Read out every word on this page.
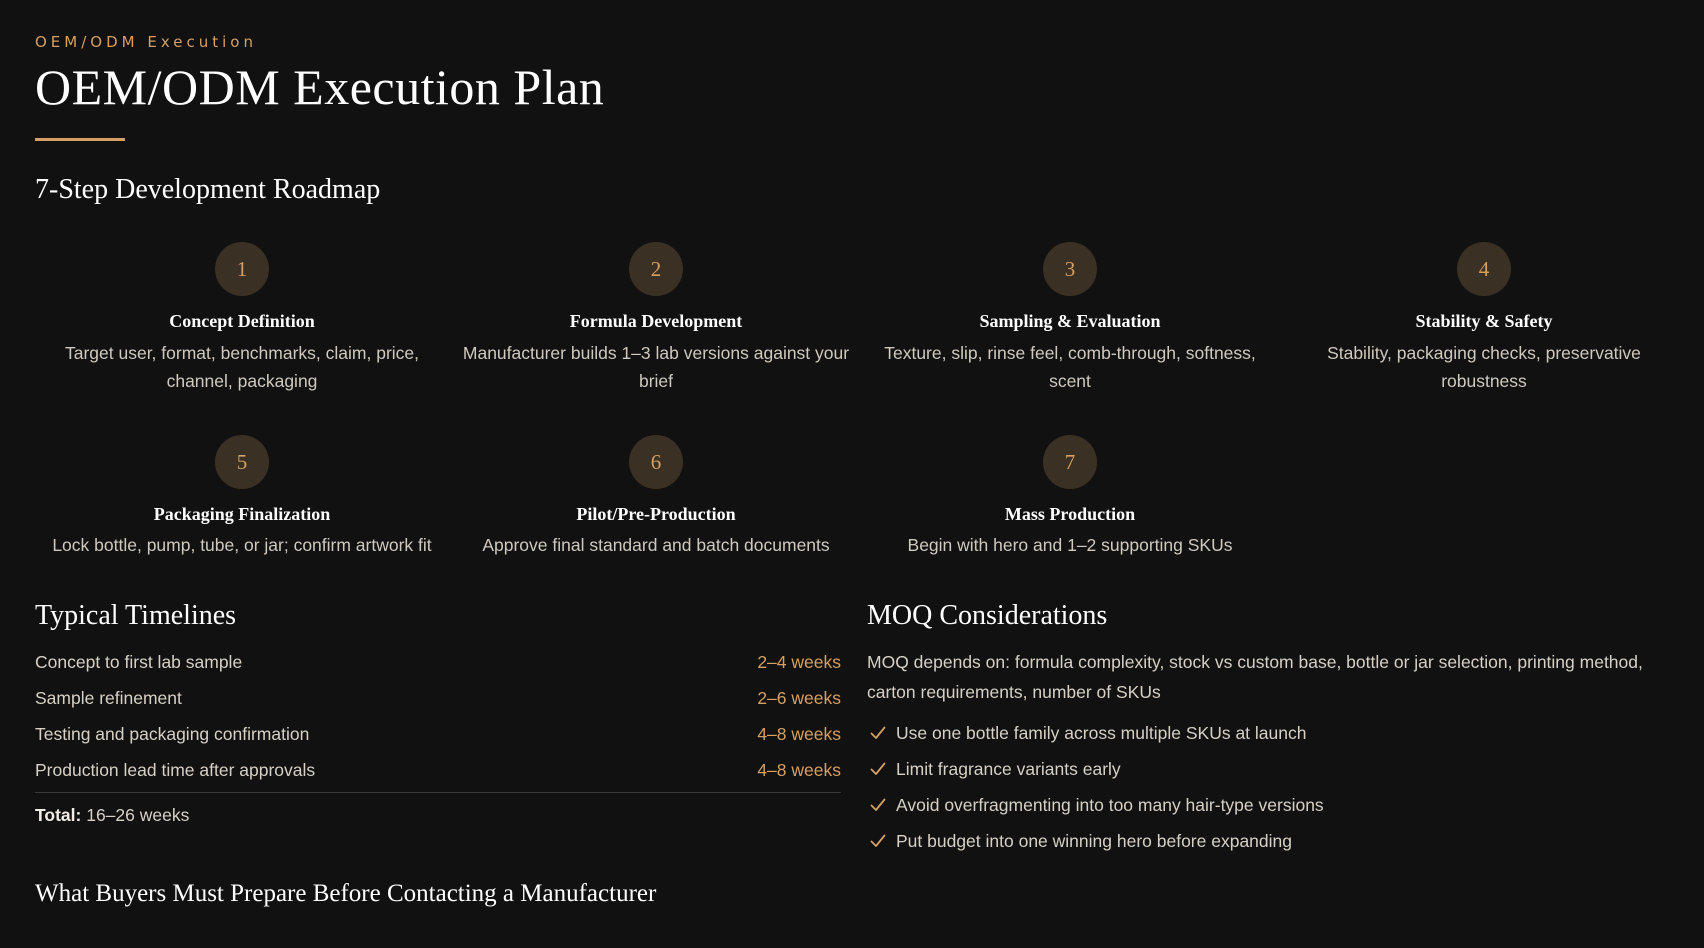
OEM/ODM Execution
OEM/ODM Execution Plan
7-Step Development Roadmap
1
Concept Definition
Target user, format, benchmarks, claim, price, channel, packaging
2
Formula Development
Manufacturer builds 1–3 lab versions against your brief
3
Sampling & Evaluation
Texture, slip, rinse feel, comb-through, softness, scent
4
Stability & Safety
Stability, packaging checks, preservative robustness
5
Packaging Finalization
Lock bottle, pump, tube, or jar; confirm artwork fit
6
Pilot/Pre-Production
Approve final standard and batch documents
7
Mass Production
Begin with hero and 1–2 supporting SKUs
Typical Timelines
Concept to first lab sample	2–4 weeks
Sample refinement	2–6 weeks
Testing and packaging confirmation	4–8 weeks
Production lead time after approvals	4–8 weeks
Total: 16–26 weeks
MOQ Considerations

MOQ depends on: formula complexity, stock vs custom base, bottle or jar selection, printing method, carton requirements, number of SKUs

Use one bottle family across multiple SKUs at launch
Limit fragrance variants early
Avoid overfragmenting into too many hair-type versions
Put budget into one winning hero before expanding
What Buyers Must Prepare Before Contacting a Manufacturer
